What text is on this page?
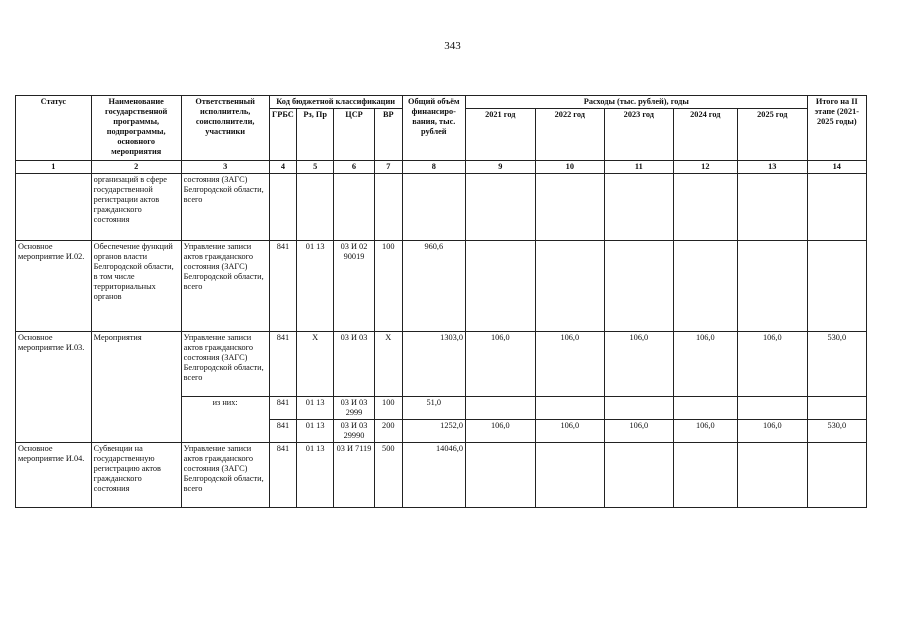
343
Статус	Наименование государственной программы, подпрограммы, основного мероприятия	Ответственный исполнитель, соисполнители, участники	Код бюджетной классификации				Общий объём финансиро-вания, тыс. рублей	Расходы (тыс. рублей), годы					Итого на II этапе (2021-2025 годы)
			ГРБС	Рз, Пр	ЦСР	ВР		2021 год	2022 год	2023 год	2024 год	2025 год	
1	2	3	4	5	6	7	8	9	10	11	12	13	14
	организаций в сфере государственной регистрации актов гражданского состояния	состояния (ЗАГС) Белгородской области, всего											
Основное мероприятие И.02.	Обеспечение функций органов власти Белгородской области, в том числе территориальных органов	Управление записи актов гражданского состояния (ЗАГС) Белгородской области, всего	841	01 13	03 И 02 90019	100	960,6						
Основное мероприятие И.03.	Мероприятия	Управление записи актов гражданского состояния (ЗАГС) Белгородской области, всего	841	X	03 И 03	X	1303,0	106,0	106,0	106,0	106,0	106,0	530,0
		из них:	841	01 13	03 И 03 2999	100	51,0						
			841	01 13	03 И 03 29990	200	1252,0	106,0	106,0	106,0	106,0	106,0	530,0
Основное мероприятие И.04.	Субвенции на государственную регистрацию актов гражданского состояния	Управление записи актов гражданского состояния (ЗАГС) Белгородской области, всего	841	01 13	03 И 7119	500	14046,0						
